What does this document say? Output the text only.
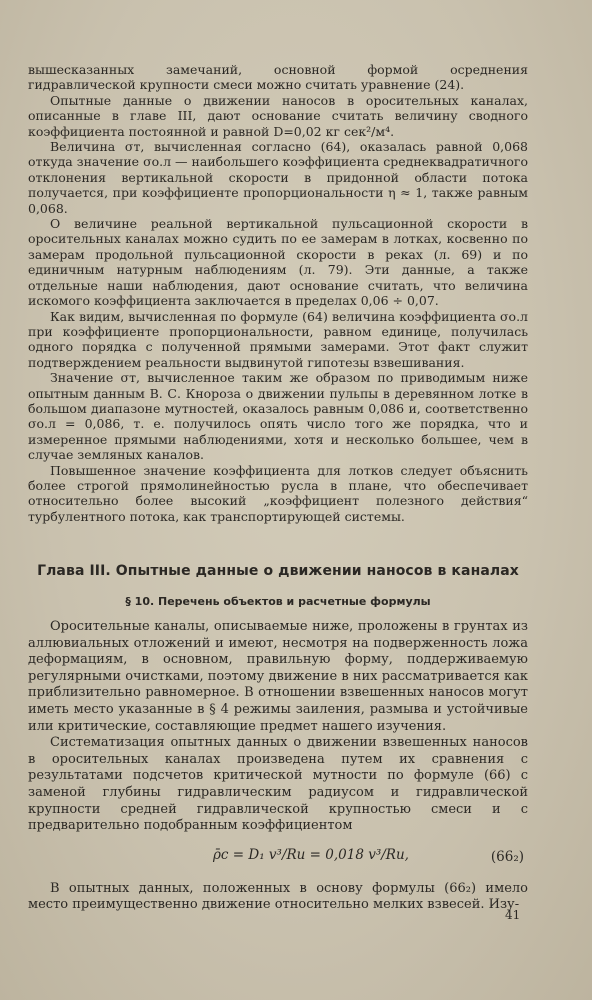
вышесказанных замечаний, основной формой осреднения гидравлической крупности смеси можно считать уравнение (24).

Опытные данные о движении наносов в оросительных каналах, описанные в главе III, дают основание считать величину сводного коэффициента постоянной и равной D=0,02 кг сек²/м⁴.

Величина σт, вычисленная согласно (64), оказалась равной 0,068 откуда значение σо.л — наибольшего коэффициента среднеквадратичного отклонения вертикальной скорости в придонной области потока получается, при коэффициенте пропорциональности η ≈ 1, также равным 0,068.

О величине реальной вертикальной пульсационной скорости в оросительных каналах можно судить по ее замерам в лотках, косвенно по замерам продольной пульсационной скорости в реках (л. 69) и по единичным натурным наблюдениям (л. 79). Эти данные, а также отдельные наши наблюдения, дают основание считать, что величина искомого коэффициента заключается в пределах 0,06 ÷ 0,07.

Как видим, вычисленная по формуле (64) величина коэффициента σо.л при коэффициенте пропорциональности, равном единице, получилась одного порядка с полученной прямыми замерами. Этот факт служит подтверждением реальности выдвинутой гипотезы взвешивания.

Значение σт, вычисленное таким же образом по приводимым ниже опытным данным В. С. Кнороза о движении пульпы в деревянном лотке в большом диапазоне мутностей, оказалось равным 0,086 и, соответственно σо.л = 0,086, т. е. получилось опять число того же порядка, что и измеренное прямыми наблюдениями, хотя и несколько большее, чем в случае земляных каналов.

Повышенное значение коэффициента для лотков следует объяснить более строгой прямолинейностью русла в плане, что обеспечивает относительно более высокий „коэффициент полезного действия“ турбулентного потока, как транспортирующей системы.

Глава III. Опытные данные о движении наносов в каналах
§ 10. Перечень объектов и расчетные формулы

Оросительные каналы, описываемые ниже, проложены в грунтах из аллювиальных отложений и имеют, несмотря на подверженность ложа деформациям, в основном, правильную форму, поддерживаемую регулярными очистками, поэтому движение в них рассматривается как приблизительно равномерное. В отношении взвешенных наносов могут иметь место указанные в § 4 режимы заиления, размыва и устойчивые или критические, составляющие предмет нашего изучения.

Систематизация опытных данных о движении взвешенных наносов в оросительных каналах произведена путем их сравнения с результатами подсчетов критической мутности по формуле (66) с заменой глубины гидравлическим радиусом и гидравлической крупности средней гидравлической крупностью смеси и с предварительно подобранным коэффициентом

ρ̄с = D₁ v³/Ru = 0,018 v³/Ru,	(66₂)

В опытных данных, положенных в основу формулы (66₂) имело место преимущественно движение относительно мелких взвесей. Изу-

41
